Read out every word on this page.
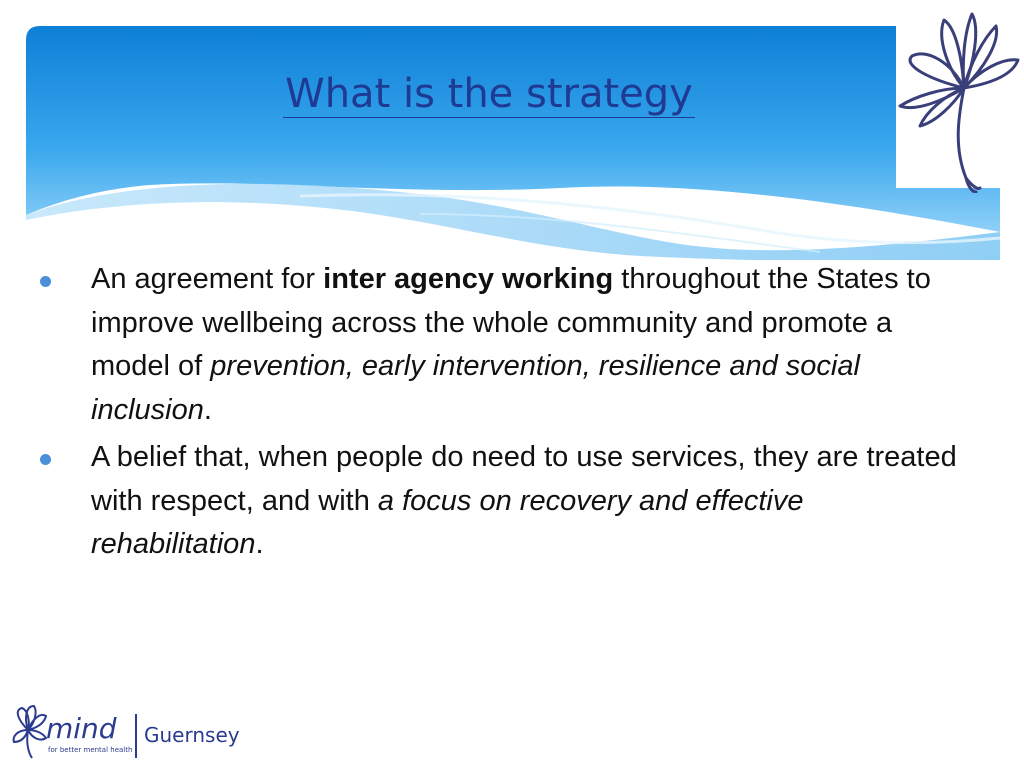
What is the strategy
An agreement for inter agency working throughout the States to improve wellbeing across the whole community and promote a model of prevention, early intervention, resilience and social inclusion.
A belief that, when people do need to use services, they are treated with respect, and with a focus on recovery and effective rehabilitation.
mind
for better mental health
Guernsey
